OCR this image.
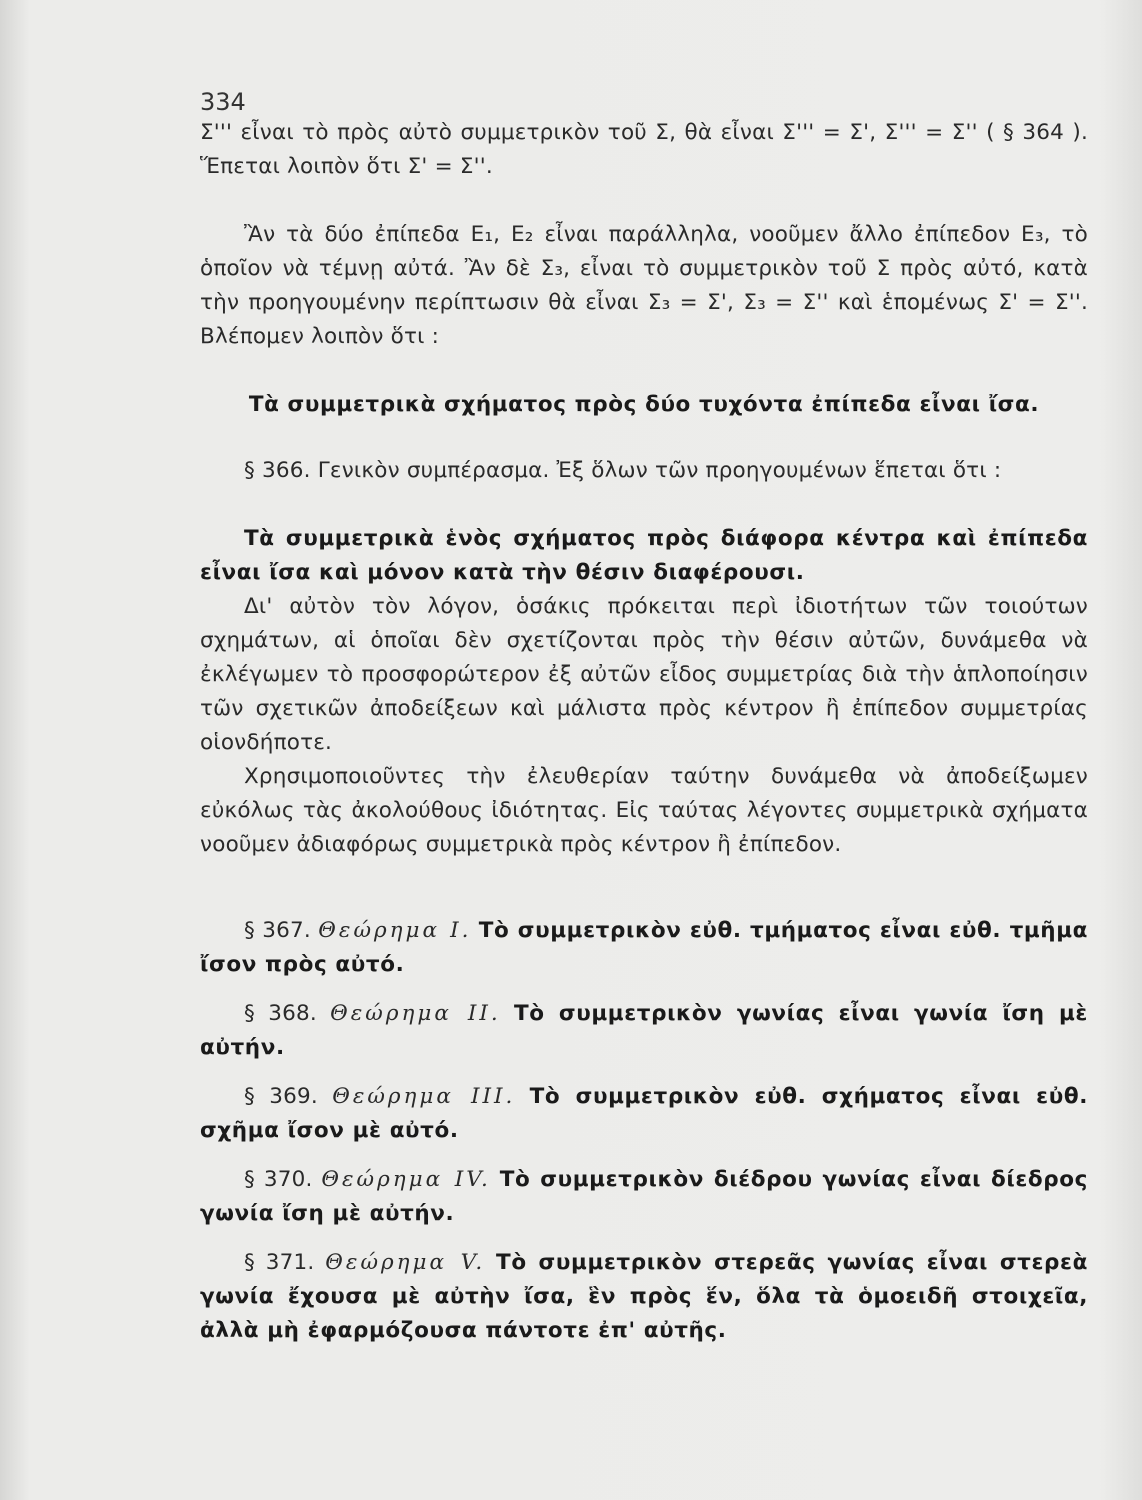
334

Σ''' εἶναι τὸ πρὸς αὐτὸ συμμετρικὸν τοῦ Σ, θὰ εἶναι Σ''' = Σ', Σ''' = Σ'' ( § 364 ). Ἕπεται λοιπὸν ὅτι Σ' = Σ''.

Ἂν τὰ δύο ἐπίπεδα E₁, E₂ εἶναι παράλληλα, νοοῦμεν ἄλλο ἐπίπεδον E₃, τὸ ὁποῖον νὰ τέμνῃ αὐτά. Ἂν δὲ Σ₃, εἶναι τὸ συμμετρικὸν τοῦ Σ πρὸς αὐτό, κατὰ τὴν προηγουμένην περίπτωσιν θὰ εἶναι Σ₃ = Σ', Σ₃ = Σ'' καὶ ἑπομένως Σ' = Σ''. Βλέπομεν λοιπὸν ὅτι :

Τὰ συμμετρικὰ σχήματος πρὸς δύο τυχόντα ἐπίπεδα εἶναι ἴσα.

§ 366. Γενικὸν συμπέρασμα. Ἐξ ὅλων τῶν προηγουμένων ἕπεται ὅτι :

Τὰ συμμετρικὰ ἑνὸς σχήματος πρὸς διάφορα κέντρα καὶ ἐπίπεδα εἶναι ἴσα καὶ μόνον κατὰ τὴν θέσιν διαφέρουσι.

Δι' αὐτὸν τὸν λόγον, ὁσάκις πρόκειται περὶ ἰδιοτήτων τῶν τοιούτων σχημάτων, αἱ ὁποῖαι δὲν σχετίζονται πρὸς τὴν θέσιν αὐτῶν, δυνάμεθα νὰ ἐκλέγωμεν τὸ προσφορώτερον ἐξ αὐτῶν εἶδος συμμετρίας διὰ τὴν ἁπλοποίησιν τῶν σχετικῶν ἀποδείξεων καὶ μάλιστα πρὸς κέντρον ἢ ἐπίπεδον συμμετρίας οἱονδήποτε.

Χρησιμοποιοῦντες τὴν ἐλευθερίαν ταύτην δυνάμεθα νὰ ἀποδείξωμεν εὐκόλως τὰς ἀκολούθους ἰδιότητας. Εἰς ταύτας λέγοντες συμμετρικὰ σχήματα νοοῦμεν ἀδιαφόρως συμμετρικὰ πρὸς κέντρον ἢ ἐπίπεδον.

§ 367. Θεώρημα I. Τὸ συμμετρικὸν εὐθ. τμήματος εἶναι εὐθ. τμῆμα ἴσον πρὸς αὐτό.

§ 368. Θεώρημα II. Τὸ συμμετρικὸν γωνίας εἶναι γωνία ἴση μὲ αὐτήν.

§ 369. Θεώρημα III. Τὸ συμμετρικὸν εὐθ. σχήματος εἶναι εὐθ. σχῆμα ἴσον μὲ αὐτό.

§ 370. Θεώρημα IV. Τὸ συμμετρικὸν διέδρου γωνίας εἶναι δίεδρος γωνία ἴση μὲ αὐτήν.

§ 371. Θεώρημα V. Τὸ συμμετρικὸν στερεᾶς γωνίας εἶναι στερεὰ γωνία ἔχουσα μὲ αὐτὴν ἴσα, ἓν πρὸς ἕν, ὅλα τὰ ὁμοειδῆ στοιχεῖα, ἀλλὰ μὴ ἐφαρμόζουσα πάντοτε ἐπ' αὐτῆς.
